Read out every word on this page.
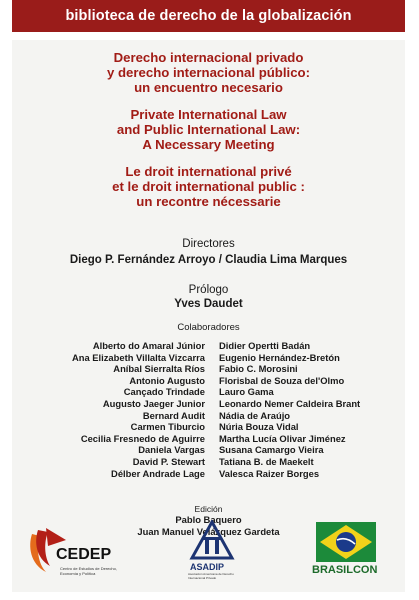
biblioteca de derecho de la globalización
Derecho internacional privado
y derecho internacional público:
un encuentro necesario
Private International Law
and Public International Law:
A Necessary Meeting
Le droit international privé
et le droit international public :
un recontre nécessarie
Directores
Diego P. Fernández Arroyo / Claudia Lima Marques
Prólogo
Yves Daudet
Colaboradores
Alberto do Amaral Júnior
Ana Elizabeth Villalta Vizcarra
Aníbal Sierralta Ríos
Antonio Augusto
Cançado Trindade
Augusto Jaeger Junior
Bernard Audit
Carmen Tiburcio
Cecilia Fresnedo de Aguirre
Daniela Vargas
David P. Stewart
Délber Andrade Lage
Didier Opertti Badán
Eugenio Hernández-Bretón
Fabio C. Morosini
Florisbal de Souza del'Olmo
Lauro Gama
Leonardo Nemer Caldeira Brant
Nádia de Araújo
Núria Bouza Vidal
Martha Lucía Olivar Jiménez
Susana Camargo Vieira
Tatiana B. de Maekelt
Valesca Raizer Borges
Edición
Pablo Baquero
Juan Manuel Velázquez Gardeta
CEDEP
Centro de Estudios de Derecho, Economía y Política
ASADIP
Asociación Americana de Derecho Internacional Privado
BRASILCON
